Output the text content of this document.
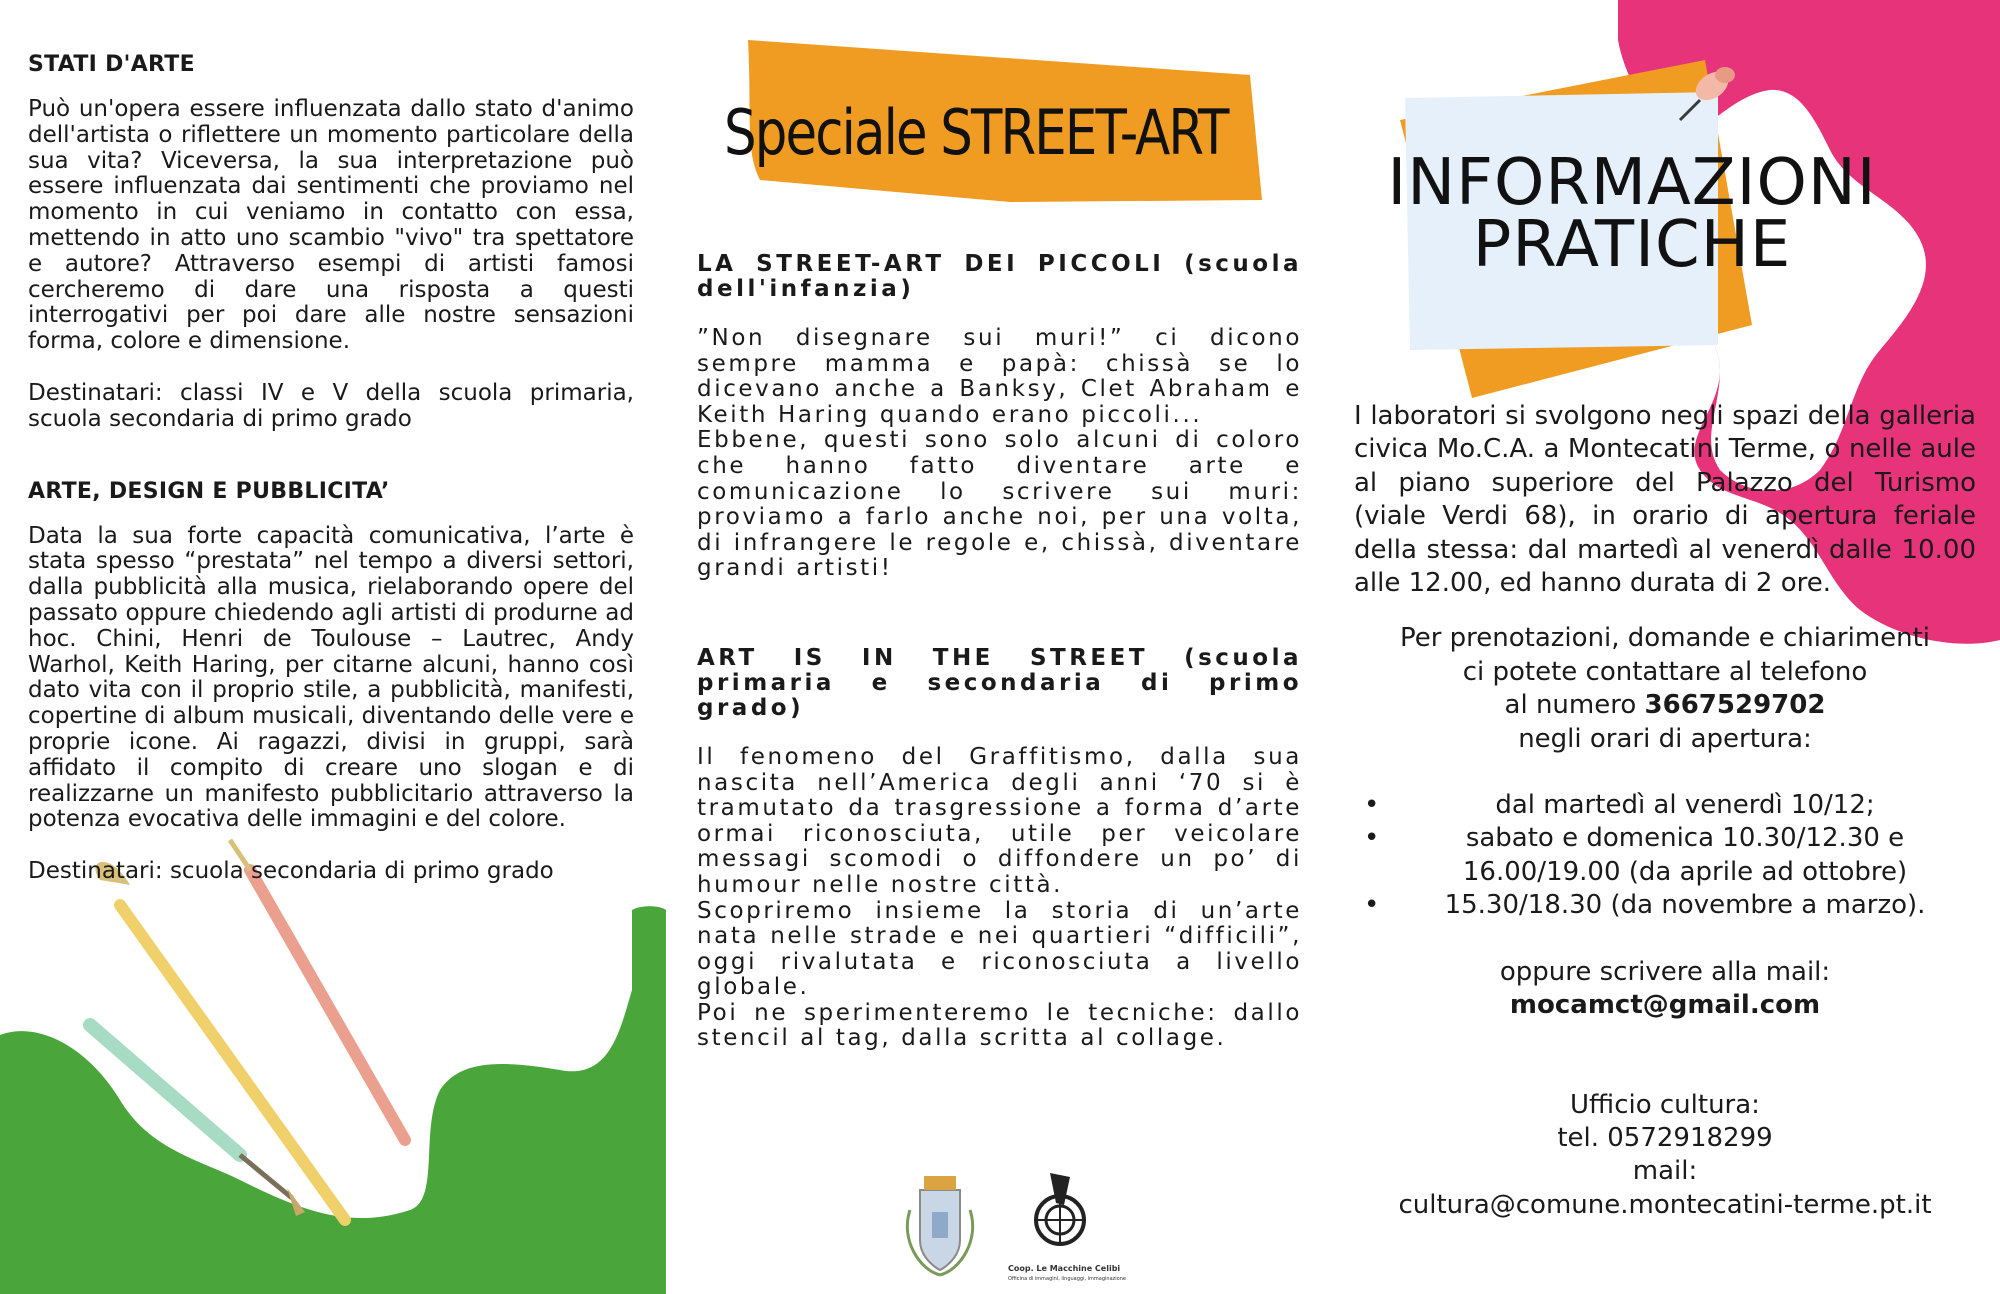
STATI D'ARTE

Può un'opera essere influenzata dallo stato d'animo dell'artista o riflettere un momento particolare della sua vita? Viceversa, la sua interpretazione può essere influenzata dai sentimenti che proviamo nel momento in cui veniamo in contatto con essa, mettendo in atto uno scambio "vivo" tra spettatore e autore? Attraverso esempi di artisti famosi cercheremo di dare una risposta a questi interrogativi per poi dare alle nostre sensazioni forma, colore e dimensione.

Destinatari: classi IV e V della scuola primaria, scuola secondaria di primo grado

ARTE, DESIGN E PUBBLICITA’

Data la sua forte capacità comunicativa, l’arte è stata spesso “prestata” nel tempo a diversi settori, dalla pubblicità alla musica, rielaborando opere del passato oppure chiedendo agli artisti di produrne ad hoc. Chini, Henri de Toulouse – Lautrec, Andy Warhol, Keith Haring, per citarne alcuni, hanno così dato vita con il proprio stile, a pubblicità, manifesti, copertine di album musicali, diventando delle vere e proprie icone. Ai ragazzi, divisi in gruppi, sarà affidato il compito di creare uno slogan e di realizzarne un manifesto pubblicitario attraverso la potenza evocativa delle immagini e del colore.

Destinatari: scuola secondaria di primo grado

Speciale STREET-ART

LA STREET-ART DEI PICCOLI (scuola dell'infanzia)

”Non disegnare sui muri!” ci dicono sempre mamma e papà: chissà se lo dicevano anche a Banksy, Clet Abraham e Keith Haring quando erano piccoli...

Ebbene, questi sono solo alcuni di coloro che hanno fatto diventare arte e comunicazione lo scrivere sui muri: proviamo a farlo anche noi, per una volta, di infrangere le regole e, chissà, diventare grandi artisti!

ART IS IN THE STREET (scuola primaria e secondaria di primo grado)

Il fenomeno del Graffitismo, dalla sua nascita nell’America degli anni ‘70 si è tramutato da trasgressione a forma d’arte ormai riconosciuta, utile per veicolare messagi scomodi o diffondere un po’ di humour nelle nostre città.

Scopriremo insieme la storia di un’arte nata nelle strade e nei quartieri “difficili”, oggi rivalutata e riconosciuta a livello globale.

Poi ne sperimenteremo le tecniche: dallo stencil al tag, dalla scritta al collage.

Coop. Le Macchine Celibi
Officina di immagini, linguaggi, immaginazione
INFORMAZIONI PRATICHE

I laboratori si svolgono negli spazi della galleria civica Mo.C.A. a Montecatini Terme, o nelle aule al piano superiore del Palazzo del Turismo (viale Verdi 68), in orario di apertura feriale della stessa: dal martedì al venerdì dalle 10.00 alle 12.00, ed hanno durata di 2 ore.

Per prenotazioni, domande e chiarimenti
ci potete contattare al telefono
al numero 3667529702
negli orari di apertura:
• dal martedì al venerdì 10/12;
• sabato e domenica 10.30/12.30 e 16.00/19.00 (da aprile ad ottobre)
• 15.30/18.30 (da novembre a marzo).
oppure scrivere alla mail:
mocamct@gmail.com
Ufficio cultura:
tel. 0572918299
mail:
cultura@comune.montecatini-terme.pt.it
